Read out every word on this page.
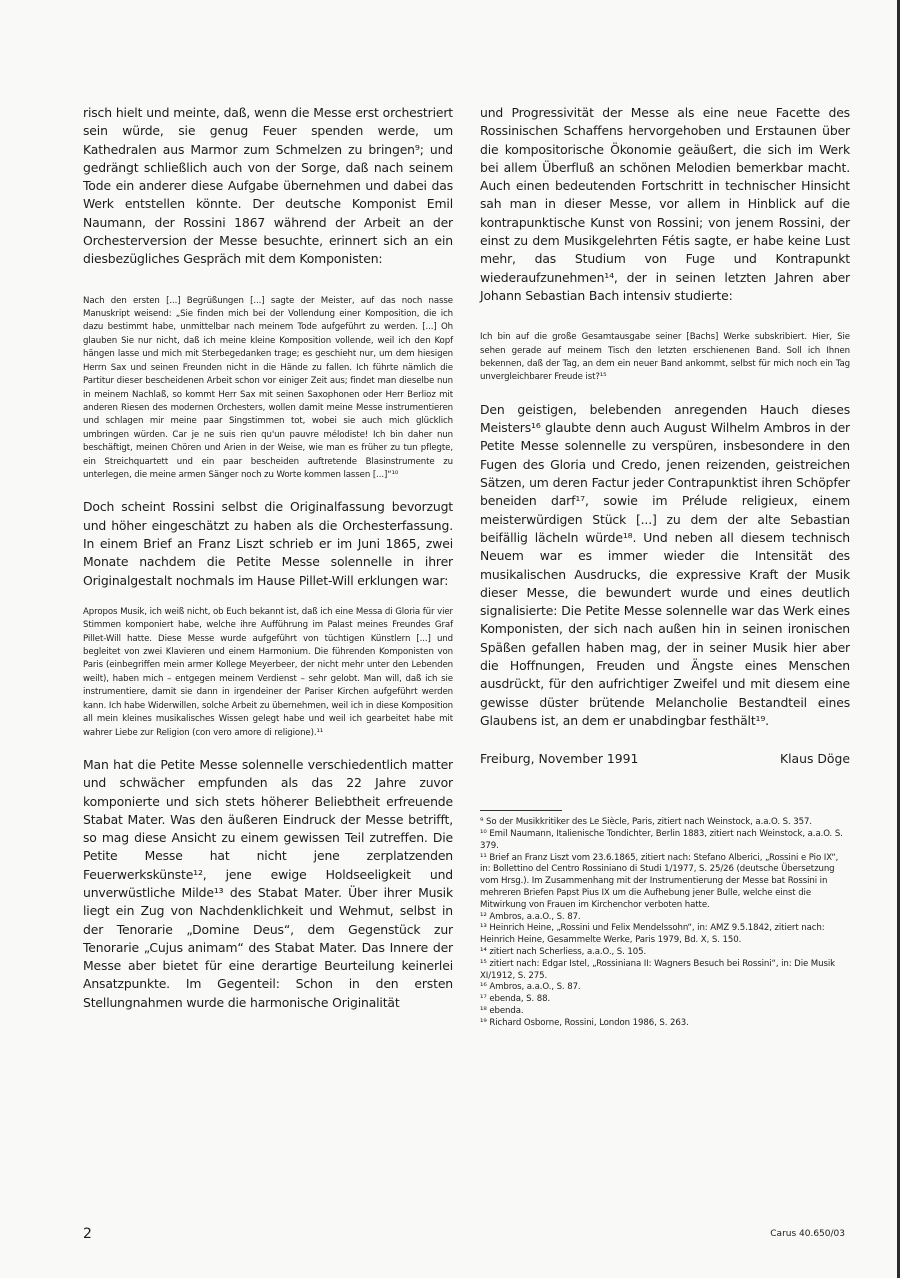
risch hielt und meinte, daß, wenn die Messe erst orchestriert sein würde, sie genug Feuer spenden werde, um Kathedralen aus Marmor zum Schmelzen zu bringen⁹; und gedrängt schließlich auch von der Sorge, daß nach seinem Tode ein anderer diese Aufgabe übernehmen und dabei das Werk entstellen könnte. Der deutsche Komponist Emil Naumann, der Rossini 1867 während der Arbeit an der Orchesterversion der Messe besuchte, erinnert sich an ein diesbezügliches Gespräch mit dem Komponisten:

Nach den ersten [...] Begrüßungen [...] sagte der Meister, auf das noch nasse Manuskript weisend: „Sie finden mich bei der Vollendung einer Komposition, die ich dazu bestimmt habe, unmittelbar nach meinem Tode aufgeführt zu werden. [...] Oh glauben Sie nur nicht, daß ich meine kleine Komposition vollende, weil ich den Kopf hängen lasse und mich mit Sterbegedanken trage; es geschieht nur, um dem hiesigen Herrn Sax und seinen Freunden nicht in die Hände zu fallen. Ich führte nämlich die Partitur dieser bescheidenen Arbeit schon vor einiger Zeit aus; findet man dieselbe nun in meinem Nachlaß, so kommt Herr Sax mit seinen Saxophonen oder Herr Berlioz mit anderen Riesen des modernen Orchesters, wollen damit meine Messe instrumentieren und schlagen mir meine paar Singstimmen tot, wobei sie auch mich glücklich umbringen würden. Car je ne suis rien qu'un pauvre mélodiste! Ich bin daher nun beschäftigt, meinen Chören und Arien in der Weise, wie man es früher zu tun pflegte, ein Streichquartett und ein paar bescheiden auftretende Blasinstrumente zu unterlegen, die meine armen Sänger noch zu Worte kommen lassen [...]“¹⁰

Doch scheint Rossini selbst die Originalfassung bevorzugt und höher eingeschätzt zu haben als die Orchesterfassung. In einem Brief an Franz Liszt schrieb er im Juni 1865, zwei Monate nachdem die Petite Messe solennelle in ihrer Originalgestalt nochmals im Hause Pillet-Will erklungen war:

Apropos Musik, ich weiß nicht, ob Euch bekannt ist, daß ich eine Messa di Gloria für vier Stimmen komponiert habe, welche ihre Aufführung im Palast meines Freundes Graf Pillet-Will hatte. Diese Messe wurde aufgeführt von tüchtigen Künstlern [...] und begleitet von zwei Klavieren und einem Harmonium. Die führenden Komponisten von Paris (einbegriffen mein armer Kollege Meyerbeer, der nicht mehr unter den Lebenden weilt), haben mich – entgegen meinem Verdienst – sehr gelobt. Man will, daß ich sie instrumentiere, damit sie dann in irgendeiner der Pariser Kirchen aufgeführt werden kann. Ich habe Widerwillen, solche Arbeit zu übernehmen, weil ich in diese Komposition all mein kleines musikalisches Wissen gelegt habe und weil ich gearbeitet habe mit wahrer Liebe zur Religion (con vero amore di religione).¹¹

Man hat die Petite Messe solennelle verschiedentlich matter und schwächer empfunden als das 22 Jahre zuvor komponierte und sich stets höherer Beliebtheit erfreuende Stabat Mater. Was den äußeren Eindruck der Messe betrifft, so mag diese Ansicht zu einem gewissen Teil zutreffen. Die Petite Messe hat nicht jene zerplatzenden Feuerwerkskünste¹², jene ewige Holdseeligkeit und unverwüstliche Milde¹³ des Stabat Mater. Über ihrer Musik liegt ein Zug von Nachdenklichkeit und Wehmut, selbst in der Tenorarie „Domine Deus“, dem Gegenstück zur Tenorarie „Cujus animam“ des Stabat Mater. Das Innere der Messe aber bietet für eine derartige Beurteilung keinerlei Ansatzpunkte. Im Gegenteil: Schon in den ersten Stellungnahmen wurde die harmonische Originalität

und Progressivität der Messe als eine neue Facette des Rossinischen Schaffens hervorgehoben und Erstaunen über die kompositorische Ökonomie geäußert, die sich im Werk bei allem Überfluß an schönen Melodien bemerkbar macht. Auch einen bedeutenden Fortschritt in technischer Hinsicht sah man in dieser Messe, vor allem in Hinblick auf die kontrapunktische Kunst von Rossini; von jenem Rossini, der einst zu dem Musikgelehrten Fétis sagte, er habe keine Lust mehr, das Studium von Fuge und Kontrapunkt wiederaufzunehmen¹⁴, der in seinen letzten Jahren aber Johann Sebastian Bach intensiv studierte:

Ich bin auf die große Gesamtausgabe seiner [Bachs] Werke subskribiert. Hier, Sie sehen gerade auf meinem Tisch den letzten erschienenen Band. Soll ich Ihnen bekennen, daß der Tag, an dem ein neuer Band ankommt, selbst für mich noch ein Tag unvergleichbarer Freude ist?¹⁵

Den geistigen, belebenden anregenden Hauch dieses Meisters¹⁶ glaubte denn auch August Wilhelm Ambros in der Petite Messe solennelle zu verspüren, insbesondere in den Fugen des Gloria und Credo, jenen reizenden, geistreichen Sätzen, um deren Factur jeder Contrapunktist ihren Schöpfer beneiden darf¹⁷, sowie im Prélude religieux, einem meisterwürdigen Stück [...] zu dem der alte Sebastian beifällig lächeln würde¹⁸. Und neben all diesem technisch Neuem war es immer wieder die Intensität des musikalischen Ausdrucks, die expressive Kraft der Musik dieser Messe, die bewundert wurde und eines deutlich signalisierte: Die Petite Messe solennelle war das Werk eines Komponisten, der sich nach außen hin in seinen ironischen Späßen gefallen haben mag, der in seiner Musik hier aber die Hoffnungen, Freuden und Ängste eines Menschen ausdrückt, für den aufrichtiger Zweifel und mit diesem eine gewisse düster brütende Melancholie Bestandteil eines Glaubens ist, an dem er unabdingbar festhält¹⁹.

Freiburg, November 1991	Klaus Döge

⁹ So der Musikkritiker des Le Siècle, Paris, zitiert nach Weinstock, a.a.O. S. 357.

¹⁰ Emil Naumann, Italienische Tondichter, Berlin 1883, zitiert nach Weinstock, a.a.O. S. 379.

¹¹ Brief an Franz Liszt vom 23.6.1865, zitiert nach: Stefano Alberici, „Rossini e Pio IX“, in: Bollettino del Centro Rossiniano di Studi 1/1977, S. 25/26 (deutsche Übersetzung vom Hrsg.). Im Zusammenhang mit der Instrumentierung der Messe bat Rossini in mehreren Briefen Papst Pius IX um die Aufhebung jener Bulle, welche einst die Mitwirkung von Frauen im Kirchenchor verboten hatte.

¹² Ambros, a.a.O., S. 87.

¹³ Heinrich Heine, „Rossini und Felix Mendelssohn“, in: AMZ 9.5.1842, zitiert nach: Heinrich Heine, Gesammelte Werke, Paris 1979, Bd. X, S. 150.

¹⁴ zitiert nach Scherliess, a.a.O., S. 105.

¹⁵ zitiert nach: Edgar Istel, „Rossiniana II: Wagners Besuch bei Rossini“, in: Die Musik XI/1912, S. 275.

¹⁶ Ambros, a.a.O., S. 87.

¹⁷ ebenda, S. 88.

¹⁸ ebenda.

¹⁹ Richard Osborne, Rossini, London 1986, S. 263.

2	Carus 40.650/03
